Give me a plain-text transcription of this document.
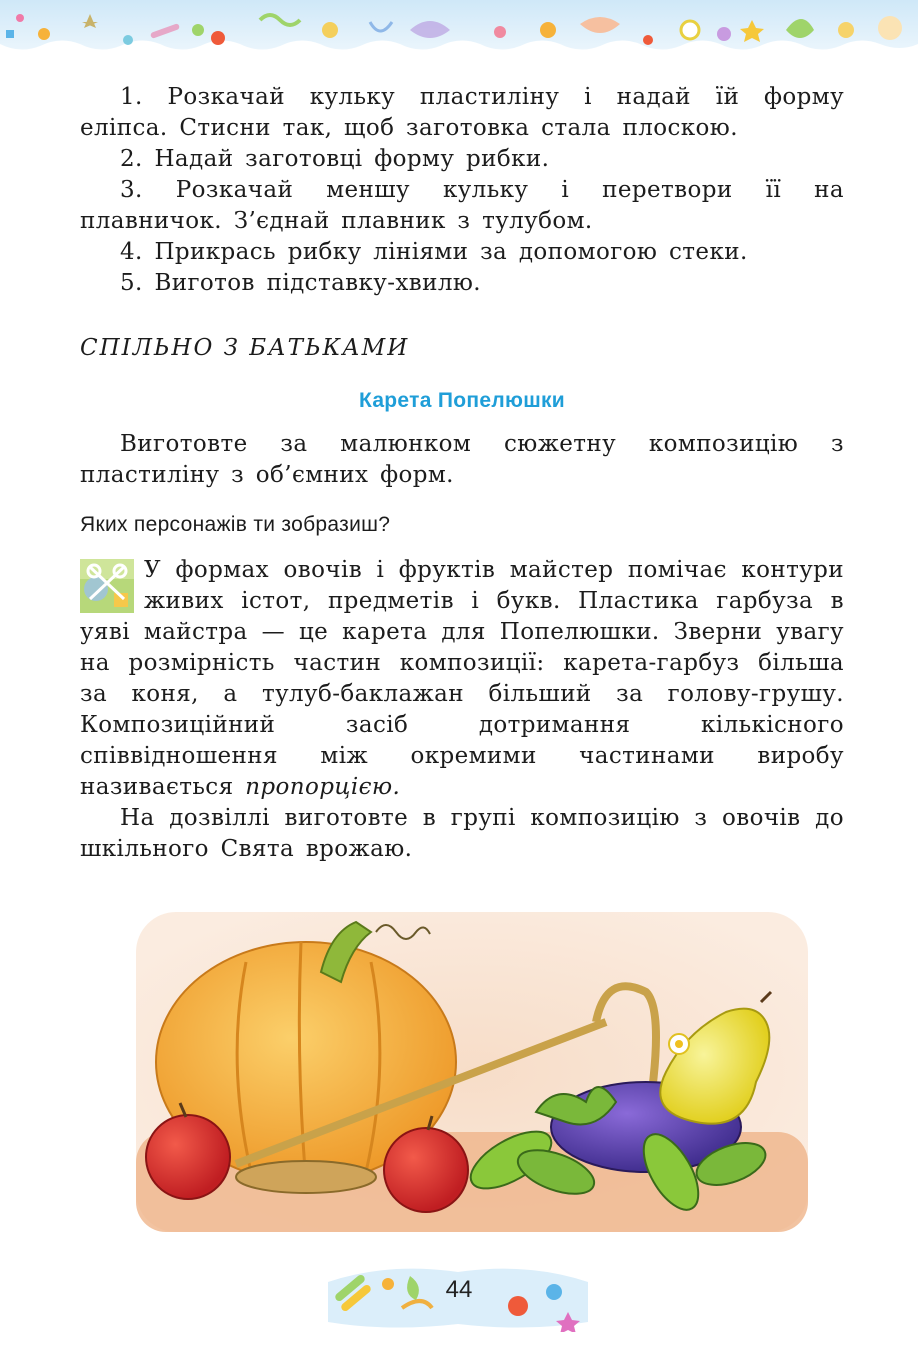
1. Розкачай кульку пластиліну і надай їй форму еліпса. Стисни так, щоб заготовка стала плоскою.

2. Надай заготовці форму рибки.

3. Розкачай меншу кульку і перетвори її на плавничок. З’єднай плавник з тулубом.

4. Прикрась рибку лініями за допомогою стеки.

5. Виготов підставку-хвилю.

СПІЛЬНО З БАТЬКАМИ
Карета Попелюшки

Виготовте за малюнком сюжетну композицію з пластиліну з об’ємних форм.

Яких персонажів ти зобразиш?

У формах овочів і фруктів майстер помічає контури живих істот, предметів і букв. Пластика гарбуза в уяві майстра — це карета для Попелюшки. Зверни увагу на розмірність частин композиції: карета-гарбуз більша за коня, а тулуб-баклажан більший за голову-грушу. Композиційний засіб дотримання кількісного співвідношення між окремими частинами виробу називається пропорцією.

На дозвіллі виготовте в групі композицію з овочів до шкільного Свята врожаю.

44
